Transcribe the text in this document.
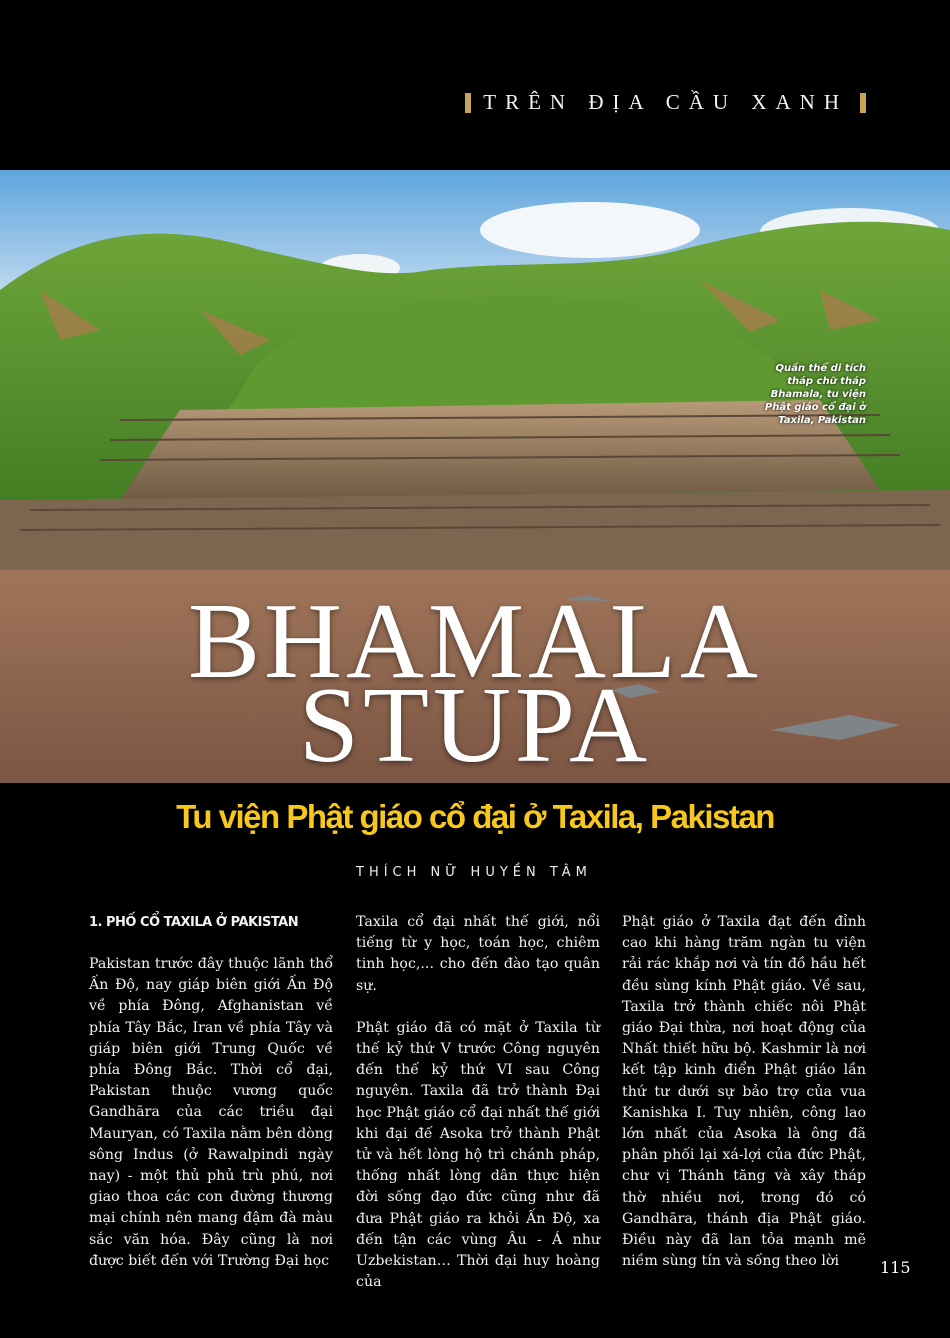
TRÊN ĐỊA CẦU XANH
Quần thể di tích tháp chữ tháp Bhamala, tu viện Phật giáo cổ đại ở Taxila, Pakistan
BHAMALA
STUPA
Tu viện Phật giáo cổ đại ở Taxila, Pakistan
THÍCH NỮ HUYỀN TÂM
1. PHỐ CỔ TAXILA Ở PAKISTAN

Pakistan trước đây thuộc lãnh thổ Ấn Độ, nay giáp biên giới Ấn Độ về phía Đông, Afghanistan về phía Tây Bắc, Iran về phía Tây và giáp biên giới Trung Quốc về phía Đông Bắc. Thời cổ đại, Pakistan thuộc vương quốc Gandhāra của các triều đại Mauryan, có Taxila nằm bên dòng sông Indus (ở Rawalpindi ngày nay) - một thủ phủ trù phú, nơi giao thoa các con đường thương mại chính nên mang đậm đà màu sắc văn hóa. Đây cũng là nơi được biết đến với Trường Đại học

Taxila cổ đại nhất thế giới, nổi tiếng từ y học, toán học, chiêm tinh học,... cho đến đào tạo quân sự.

Phật giáo đã có mặt ở Taxila từ thế kỷ thứ V trước Công nguyên đến thế kỷ thứ VI sau Công nguyên. Taxila đã trở thành Đại học Phật giáo cổ đại nhất thế giới khi đại đế Asoka trở thành Phật tử và hết lòng hộ trì chánh pháp, thống nhất lòng dân thực hiện đời sống đạo đức cũng như đã đưa Phật giáo ra khỏi Ấn Độ, xa đến tận các vùng Âu - Á như Uzbekistan… Thời đại huy hoàng của

Phật giáo ở Taxila đạt đến đỉnh cao khi hàng trăm ngàn tu viện rải rác khắp nơi và tín đồ hầu hết đều sùng kính Phật giáo. Về sau, Taxila trở thành chiếc nôi Phật giáo Đại thừa, nơi hoạt động của Nhất thiết hữu bộ. Kashmir là nơi kết tập kinh điển Phật giáo lần thứ tư dưới sự bảo trợ của vua Kanishka I. Tuy nhiên, công lao lớn nhất của Asoka là ông đã phân phối lại xá-lợi của đức Phật, chư vị Thánh tăng và xây tháp thờ nhiều nơi, trong đó có Gandhāra, thánh địa Phật giáo. Điều này đã lan tỏa mạnh mẽ niềm sùng tín và sống theo lời	115
